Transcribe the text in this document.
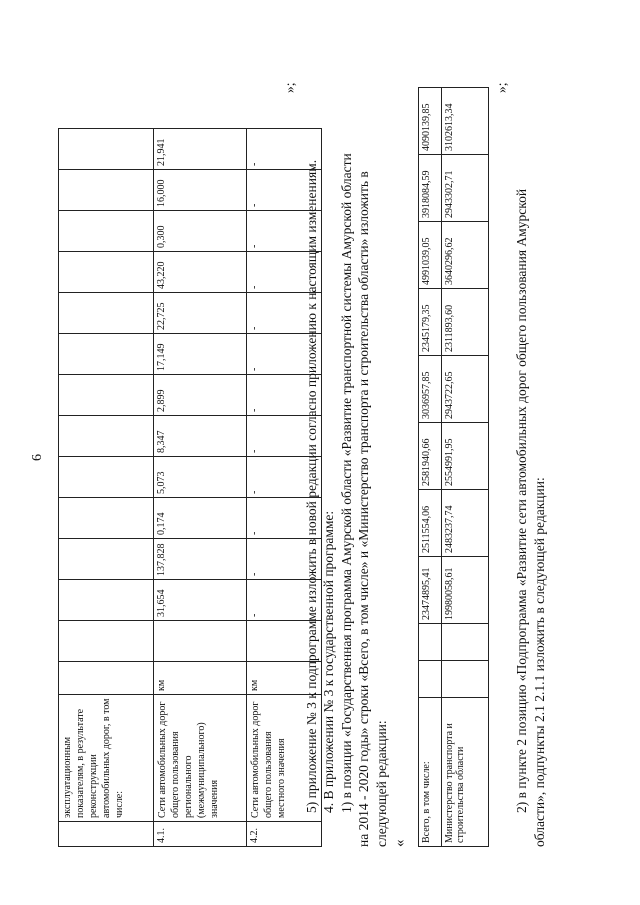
6
	эксплуатационным показателям, в результате реконструкции автомобильных дорог, в том числе:														
4.1.	Сети автомобильных дорог общего пользования регионального (межмуниципального) значения	км		31,654	137,828	0,174	5,073	8,347	2,899	17,149	22,725	43,220	0,300	16,000	21,941
4.2.	Сети автомобильных дорог общего пользования местного значения	км		-	-	-	-	-	-	-	-	-	-	-	-
»;
5) приложение № 3 к подпрограмме изложить в новой редакции согласно приложению к настоящим изменениям. 4. В приложении № 3 к государственной программе: 1) в позиции «Государственная программа Амурской области «Развитие транспортной системы Амурской области на 2014 - 2020 годы» строки «Всего, в том числе» и «Министерство транспорта и строительства области» изложить в следующей редакции: «
Всего, в том числе:			23474895,41	2511554,06	2581940,66	3036957,85	2345179,35	4991039,05	3918084,59	4090139,85
Министерство транспорта и строительства области			19980058,61	2483237,74	2554991,95	2943722,65	2311893,60	3640296,62	2943302,71	3102613,34
»;
2) в пункте 2 позицию «Подпрограмма «Развитие сети автомобильных дорог общего пользования Амурской области», подпункты 2.1 2.1.1 изложить в следующей редакции:
